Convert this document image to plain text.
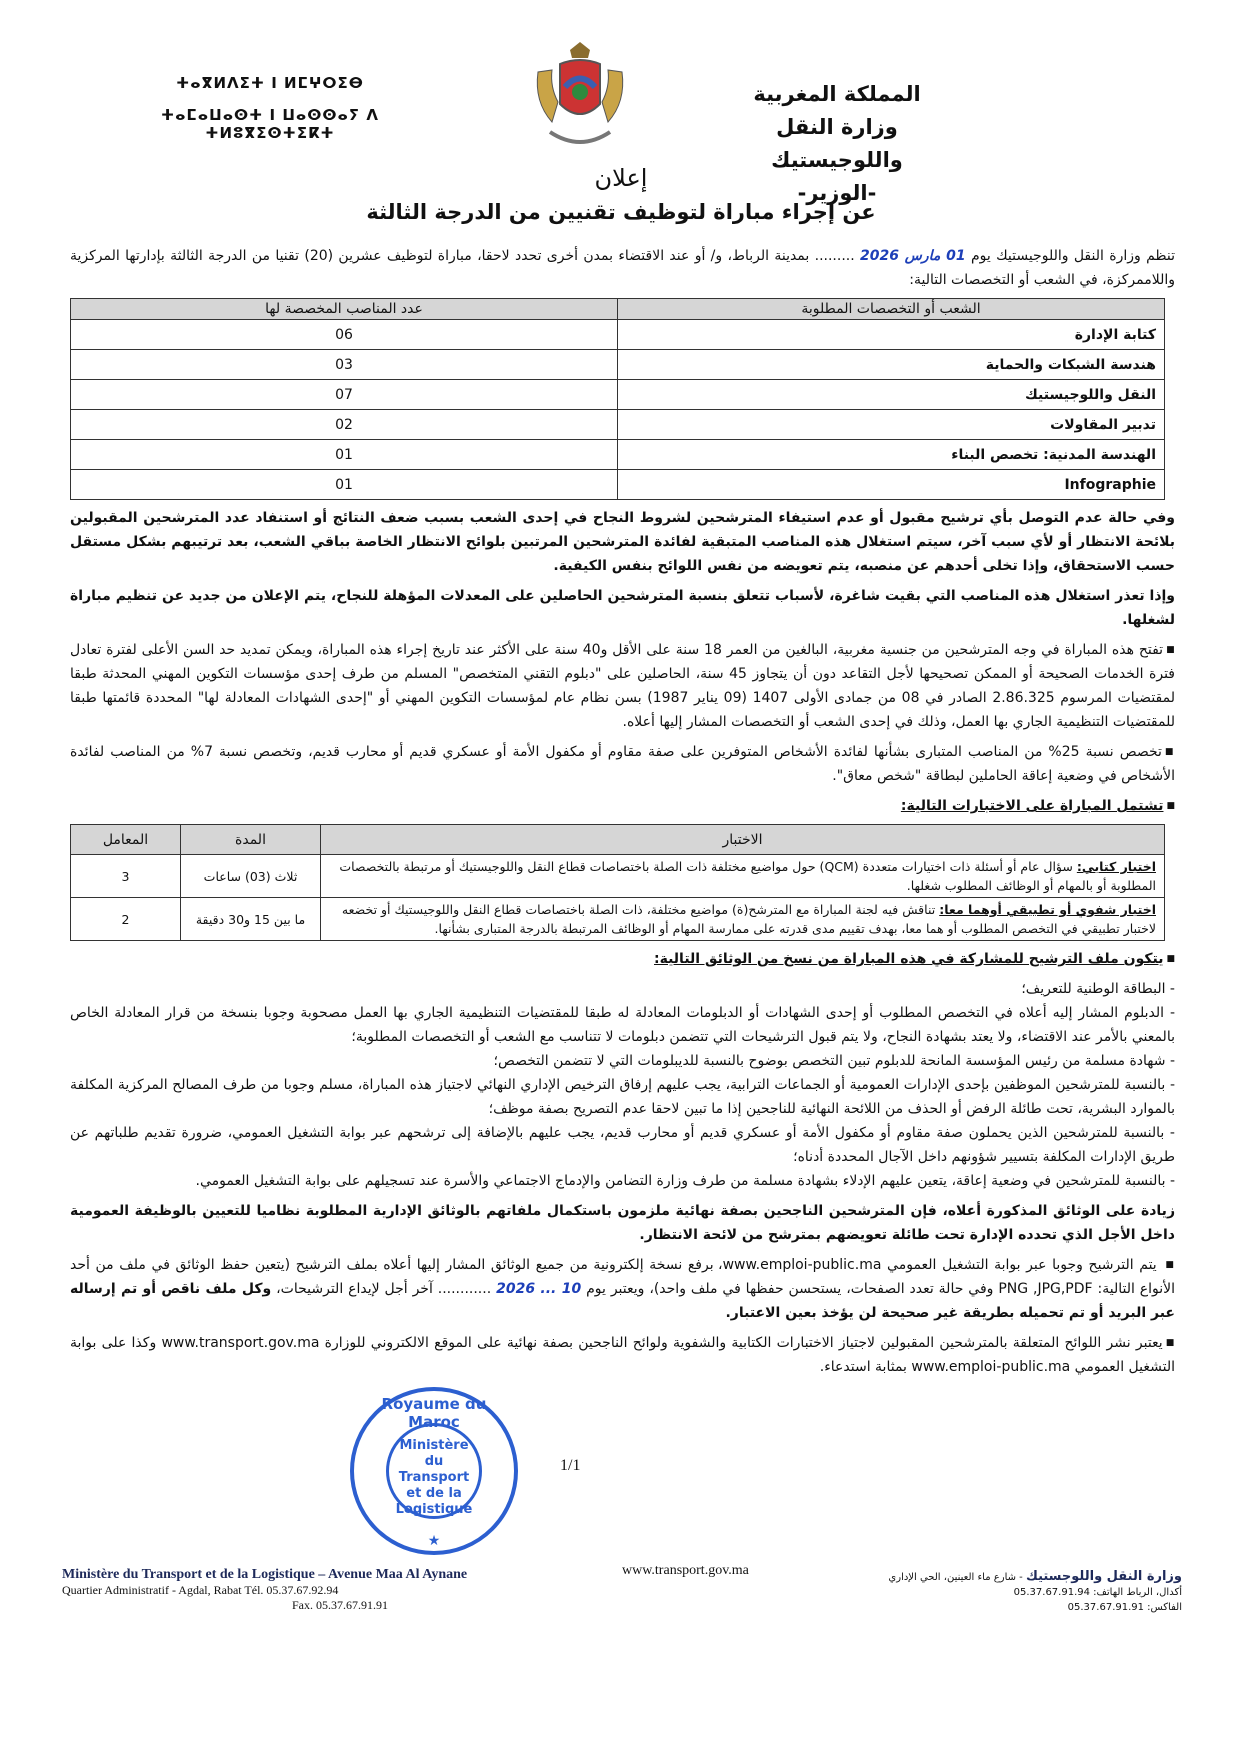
المملكة المغربية
وزارة النقل واللوجيستيك
-الوزير-
ⵜⴰⴳⵍⴷⵉⵜ ⵏ ⵍⵎⵖⵔⵉⴱ
ⵜⴰⵎⴰⵡⴰⵙⵜ ⵏ ⵡⴰⵙⵙⴰⵢ ⴷ ⵜⵍⵓⴳⵉⵙⵜⵉⴽⵜ
إعلان
عن إجراء مباراة لتوظيف تقنيين من الدرجة الثالثة
تنظم وزارة النقل واللوجيستيك يوم 01 مارس 2026 ......... بمدينة الرباط، و/ أو عند الاقتضاء بمدن أخرى تحدد لاحقا، مباراة لتوظيف عشرين (20) تقنيا من الدرجة الثالثة بإدارتها المركزية واللاممركزة، في الشعب أو التخصصات التالية:
الشعب أو التخصصات المطلوبة	عدد المناصب المخصصة لها
كتابة الإدارة	06
هندسة الشبكات والحماية	03
النقل واللوجيستيك	07
تدبير المقاولات	02
الهندسة المدنية: تخصص البناء	01
Infographie	01
وفي حالة عدم التوصل بأي ترشيح مقبول أو عدم استيفاء المترشحين لشروط النجاح في إحدى الشعب بسبب ضعف النتائج أو استنفاد عدد المترشحين المقبولين بلائحة الانتظار أو لأي سبب آخر، سيتم استغلال هذه المناصب المتبقية لفائدة المترشحين المرتبين بلوائح الانتظار الخاصة بباقي الشعب، بعد ترتيبهم بشكل مستقل حسب الاستحقاق، وإذا تخلى أحدهم عن منصبه، يتم تعويضه من نفس اللوائح بنفس الكيفية.
وإذا تعذر استغلال هذه المناصب التي بقيت شاغرة، لأسباب تتعلق بنسبة المترشحين الحاصلين على المعدلات المؤهلة للنجاح، يتم الإعلان من جديد عن تنظيم مباراة لشغلها.
■ تفتح هذه المباراة في وجه المترشحين من جنسية مغربية، البالغين من العمر 18 سنة على الأقل و40 سنة على الأكثر عند تاريخ إجراء هذه المباراة، ويمكن تمديد حد السن الأعلى لفترة تعادل فترة الخدمات الصحيحة أو الممكن تصحيحها لأجل التقاعد دون أن يتجاوز 45 سنة، الحاصلين على "دبلوم التقني المتخصص" المسلم من طرف إحدى مؤسسات التكوين المهني المحدثة طبقا لمقتضيات المرسوم 2.86.325 الصادر في 08 من جمادى الأولى 1407 (09 يناير 1987) بسن نظام عام لمؤسسات التكوين المهني أو "إحدى الشهادات المعادلة لها" المحددة قائمتها طبقا للمقتضيات التنظيمية الجاري بها العمل، وذلك في إحدى الشعب أو التخصصات المشار إليها أعلاه.
■ تخصص نسبة 25% من المناصب المتبارى بشأنها لفائدة الأشخاص المتوفرين على صفة مقاوم أو مكفول الأمة أو عسكري قديم أو محارب قديم، وتخصص نسبة 7% من المناصب لفائدة الأشخاص في وضعية إعاقة الحاملين لبطاقة "شخص معاق".
■ تشتمل المباراة على الاختبارات التالية:
الاختبار	المدة	المعامل
اختبار كتابي: سؤال عام أو أسئلة ذات اختيارات متعددة (QCM) حول مواضيع مختلفة ذات الصلة باختصاصات قطاع النقل واللوجيستيك أو مرتبطة بالتخصصات المطلوبة أو بالمهام أو الوظائف المطلوب شغلها.	ثلاث (03) ساعات	3
اختبار شفوي أو تطبيقي أوهما معا: تناقش فيه لجنة المباراة مع المترشح(ة) مواضيع مختلفة، ذات الصلة باختصاصات قطاع النقل واللوجيستيك أو تخضعه لاختبار تطبيقي في التخصص المطلوب أو هما معا، بهدف تقييم مدى قدرته على ممارسة المهام أو الوظائف المرتبطة بالدرجة المتبارى بشأنها.	ما بين 15 و30 دقيقة	2
■ يتكون ملف الترشيح للمشاركة في هذه المباراة من نسخ من الوثائق التالية:
- البطاقة الوطنية للتعريف؛
- الدبلوم المشار إليه أعلاه في التخصص المطلوب أو إحدى الشهادات أو الدبلومات المعادلة له طبقا للمقتضيات التنظيمية الجاري بها العمل مصحوبة وجوبا بنسخة من قرار المعادلة الخاص بالمعني بالأمر عند الاقتضاء، ولا يعتد بشهادة النجاح، ولا يتم قبول الترشيحات التي تتضمن دبلومات لا تتناسب مع الشعب أو التخصصات المطلوبة؛
- شهادة مسلمة من رئيس المؤسسة المانحة للدبلوم تبين التخصص بوضوح بالنسبة للديبلومات التي لا تتضمن التخصص؛
- بالنسبة للمترشحين الموظفين بإحدى الإدارات العمومية أو الجماعات الترابية، يجب عليهم إرفاق الترخيص الإداري النهائي لاجتياز هذه المباراة، مسلم وجوبا من طرف المصالح المركزية المكلفة بالموارد البشرية، تحت طائلة الرفض أو الحذف من اللائحة النهائية للناجحين إذا ما تبين لاحقا عدم التصريح بصفة موظف؛
- بالنسبة للمترشحين الذين يحملون صفة مقاوم أو مكفول الأمة أو عسكري قديم أو محارب قديم، يجب عليهم بالإضافة إلى ترشحهم عبر بوابة التشغيل العمومي، ضرورة تقديم طلباتهم عن طريق الإدارات المكلفة بتسيير شؤونهم داخل الآجال المحددة أدناه؛
- بالنسبة للمترشحين في وضعية إعاقة، يتعين عليهم الإدلاء بشهادة مسلمة من طرف وزارة التضامن والإدماج الاجتماعي والأسرة عند تسجيلهم على بوابة التشغيل العمومي.
زيادة على الوثائق المذكورة أعلاه، فإن المترشحين الناجحين بصفة نهائية ملزمون باستكمال ملفاتهم بالوثائق الإدارية المطلوبة نظاميا للتعيين بالوظيفة العمومية داخل الأجل الذي تحدده الإدارة تحت طائلة تعويضهم بمترشح من لائحة الانتظار.
■ يتم الترشيح وجوبا عبر بوابة التشغيل العمومي www.emploi-public.ma، برفع نسخة إلكترونية من جميع الوثائق المشار إليها أعلاه بملف الترشيح (يتعين حفظ الوثائق في ملف من أحد الأنواع التالية: PNG ,JPG,PDF وفي حالة تعدد الصفحات، يستحسن حفظها في ملف واحد)، ويعتبر يوم 10 ... 2026 ............ آخر أجل لإيداع الترشيحات، وكل ملف ناقص أو تم إرساله عبر البريد أو تم تحميله بطريقة غير صحيحة لن يؤخذ بعين الاعتبار.
■ يعتبر نشر اللوائح المتعلقة بالمترشحين المقبولين لاجتياز الاختبارات الكتابية والشفوية ولوائح الناجحين بصفة نهائية على الموقع الالكتروني للوزارة www.transport.gov.ma وكذا على بوابة التشغيل العمومي www.emploi-public.ma بمثابة استدعاء.
Royaume du Maroc
Ministère du Transport et de la Logistique
★
1/1
Ministère du Transport et de la Logistique – Avenue Maa Al Aynane
Quartier Administratif - Agdal, Rabat Tél. 05.37.67.92.94
Fax. 05.37.67.91.91
www.transport.gov.ma	وزارة النقل واللوجستيك - شارع ماء العينين، الحي الإداري
أكدال، الرباط الهاتف: 05.37.67.91.94
الفاكس: 05.37.67.91.91
